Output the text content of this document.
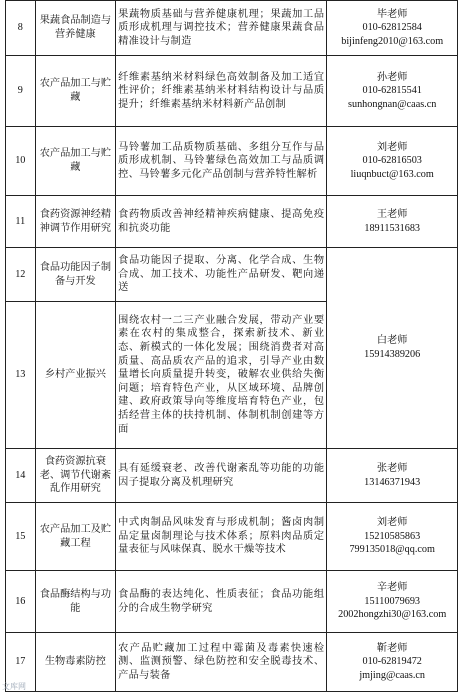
8	果蔬食品制造与营养健康	果蔬物质基础与营养健康机理；果蔬加工品质形成机理与调控技术；营养健康果蔬食品精准设计与制造	毕老师
010-62812584
bijinfeng2010@163.com

9	农产品加工与贮藏	纤维素基纳米材料绿色高效制备及加工适宜性评价；纤维素基纳米材料结构设计与品质提升；纤维素基纳米材料新产品创制	孙老师
010-62815541
sunhongnan@caas.cn

10	农产品加工与贮藏	马铃薯加工品质物质基础、多组分互作与品质形成机制、马铃薯绿色高效加工与品质调控、马铃薯多元化产品创制与营养特性解析	刘老师
010-62816503
liuqnbuct@163.com

11	食药资源神经精神调节作用研究	食药物质改善神经精神疾病健康、提高免疫和抗炎功能	王老师
18911531683

12	食品功能因子制备与开发	食品功能因子提取、分离、化学合成、生物合成、加工技术、功能性产品研发、靶向递送	白老师
15914389206

13	乡村产业振兴	围绕农村一二三产业融合发展，带动产业要素在农村的集成整合，探索新技术、新业态、新模式的一体化发展；围绕消费者对高质量、高品质农产品的追求，引导产业由数量增长向质量提升转变，破解农业供给失衡问题；培育特色产业，从区域环境、品牌创建、政府政策导向等维度培育特色产业，包括经营主体的扶持机制、体制机制创建等方面	
14	食药资源抗衰老、调节代谢紊乱作用研究	具有延缓衰老、改善代谢紊乱等功能的功能因子提取分离及机理研究	张老师
13146371943

15	农产品加工及贮藏工程	中式肉制品风味发育与形成机制；酱卤肉制品定量卤制理论与技术体系；原料肉品质定量表征与风味保真、脱水干燥等技术	刘老师
15210585863
799135018@qq.com

16	食品酶结构与功能	食品酶的表达纯化、性质表征；食品功能组分的合成生物学研究	辛老师
15110079693
2002hongzhi30@163.com

17	生物毒素防控	农产品贮藏加工过程中霉菌及毒素快速检测、监测预警、绿色防控和安全脱毒技术、产品与装备	靳老师
010-62819472
jmjing@caas.cn
文库网
